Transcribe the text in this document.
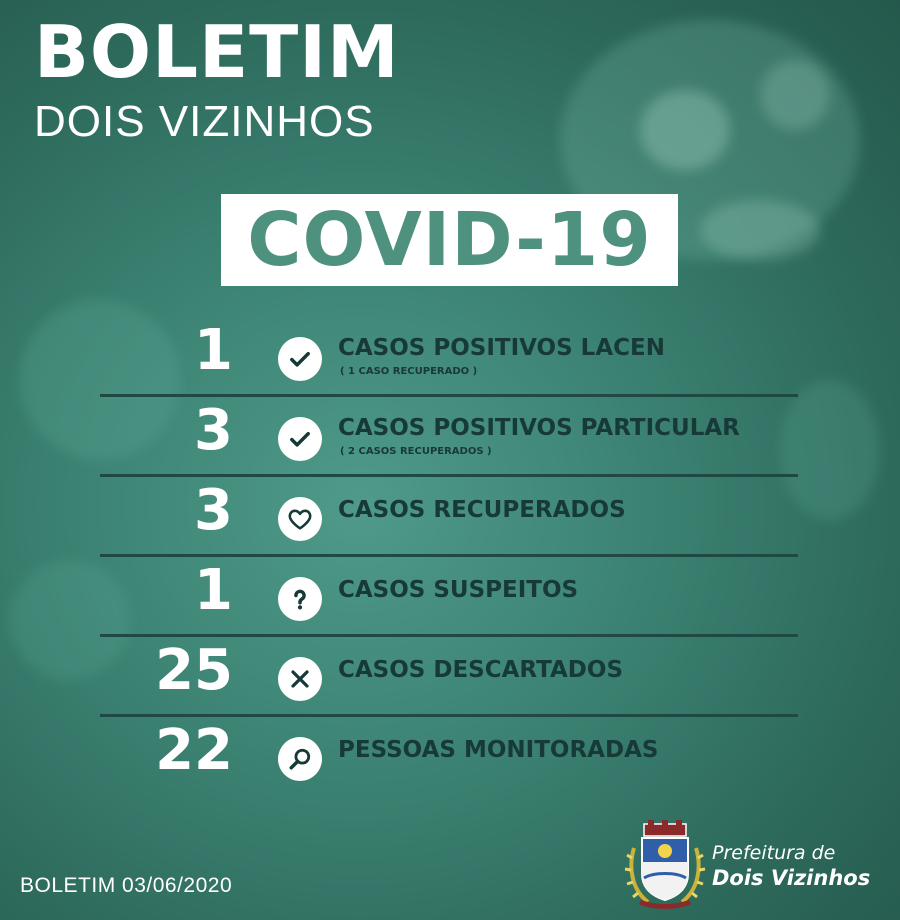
BOLETIM
DOIS VIZINHOS
COVID-19
1	CASOS POSITIVOS LACEN
( 1 CASO RECUPERADO )
3	CASOS POSITIVOS PARTICULAR
( 2 CASOS RECUPERADOS )
3	CASOS RECUPERADOS
1	CASOS SUSPEITOS
25	CASOS DESCARTADOS
22	PESSOAS MONITORADAS
BOLETIM 03/06/2020
Prefeitura de
Dois Vizinhos
